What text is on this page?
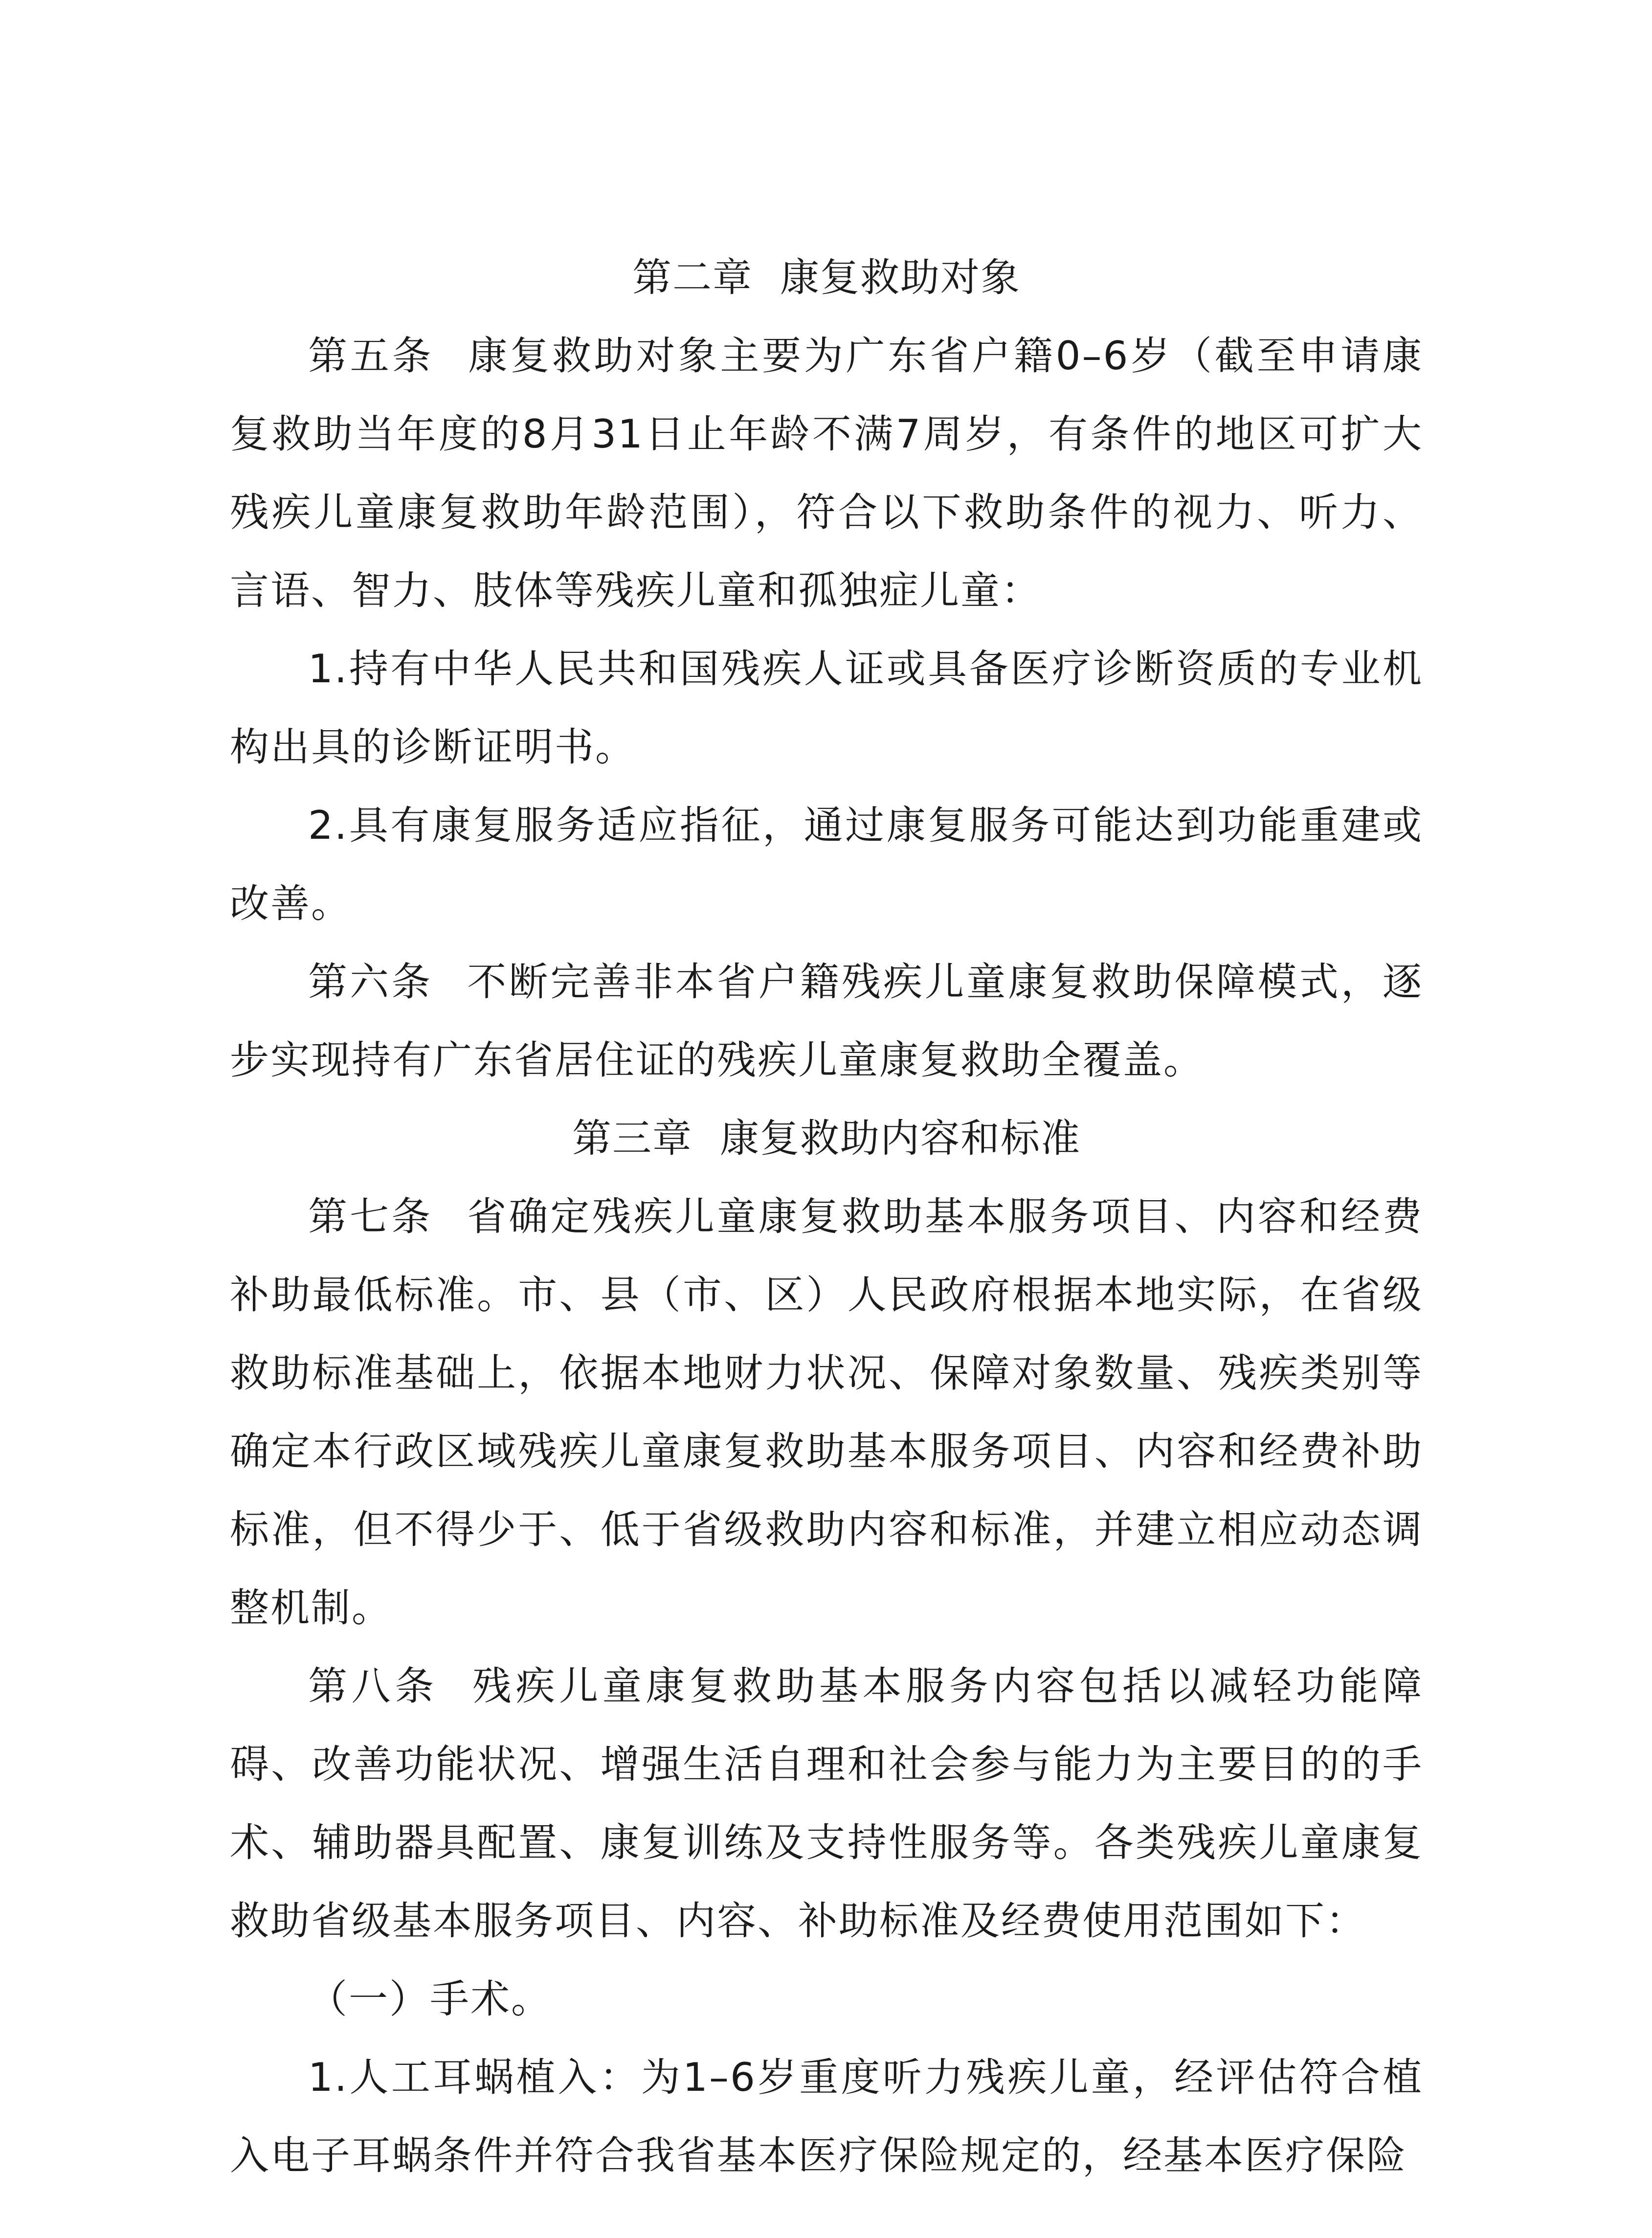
第二章 康复救助对象

第五条 康复救助对象主要为广东省户籍0–6岁（截至申请康复救助当年度的8月31日止年龄不满7周岁，有条件的地区可扩大残疾儿童康复救助年龄范围），符合以下救助条件的视力、听力、言语、智力、肢体等残疾儿童和孤独症儿童：

1.持有中华人民共和国残疾人证或具备医疗诊断资质的专业机构出具的诊断证明书。

2.具有康复服务适应指征，通过康复服务可能达到功能重建或改善。

第六条 不断完善非本省户籍残疾儿童康复救助保障模式，逐步实现持有广东省居住证的残疾儿童康复救助全覆盖。

第三章 康复救助内容和标准

第七条 省确定残疾儿童康复救助基本服务项目、内容和经费补助最低标准。市、县（市、区）人民政府根据本地实际，在省级救助标准基础上，依据本地财力状况、保障对象数量、残疾类别等确定本行政区域残疾儿童康复救助基本服务项目、内容和经费补助标准，但不得少于、低于省级救助内容和标准，并建立相应动态调整机制。

第八条 残疾儿童康复救助基本服务内容包括以减轻功能障碍、改善功能状况、增强生活自理和社会参与能力为主要目的的手术、辅助器具配置、康复训练及支持性服务等。各类残疾儿童康复救助省级基本服务项目、内容、补助标准及经费使用范围如下：

（一）手术。

1.人工耳蜗植入：为1–6岁重度听力残疾儿童，经评估符合植入电子耳蜗条件并符合我省基本医疗保险规定的，经基本医疗保险
